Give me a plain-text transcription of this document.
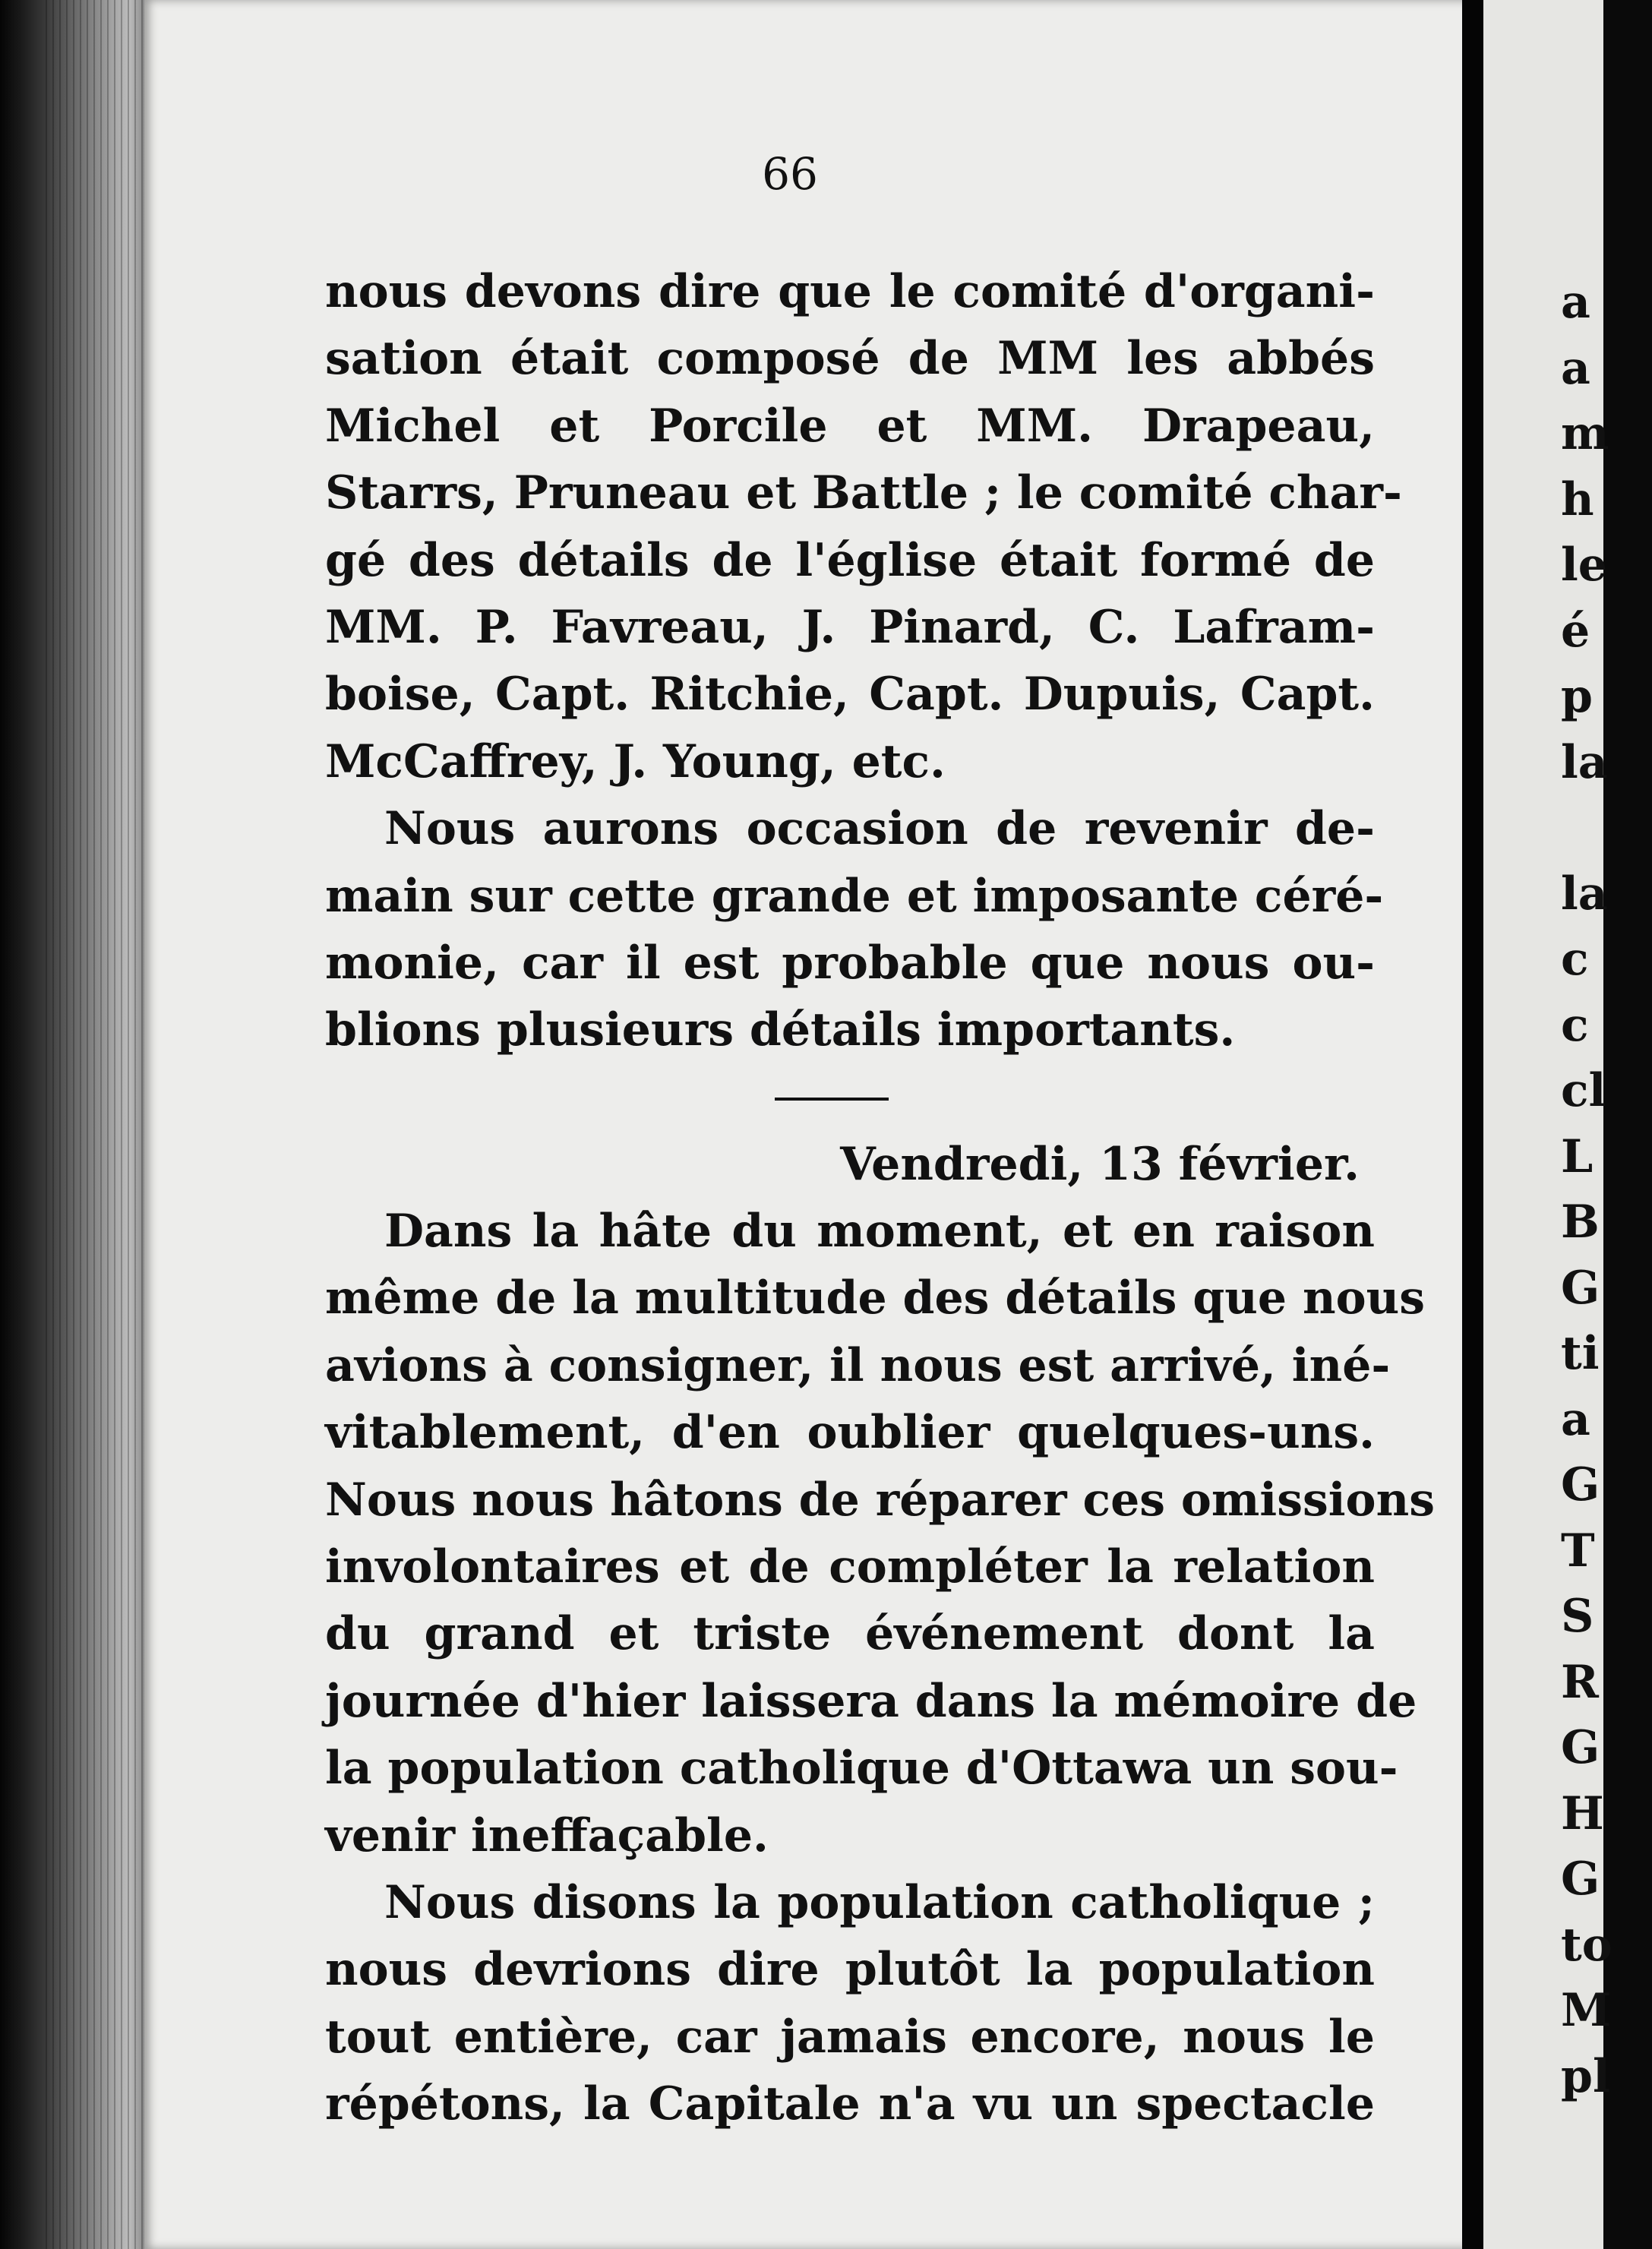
66
nous devons dire que le comité d'organi-
sation était composé de MM les abbés
Michel et Porcile et MM. Drapeau,
Starrs, Pruneau et Battle ; le comité char-
gé des détails de l'église était formé de
MM. P. Favreau, J. Pinard, C. Lafram-
boise, Capt. Ritchie, Capt. Dupuis, Capt.
McCaffrey, J. Young, etc.
Nous aurons occasion de revenir de-
main sur cette grande et imposante céré-
monie, car il est probable que nous ou-
blions plusieurs détails importants.
Vendredi, 13 février.
Dans la hâte du moment, et en raison
même de la multitude des détails que nous
avions à consigner, il nous est arrivé, iné-
vitablement, d'en oublier quelques-uns.
Nous nous hâtons de réparer ces omissions
involontaires et de compléter la relation
du grand et triste événement dont la
journée d'hier laissera dans la mémoire de
la population catholique d'Ottawa un sou-
venir ineffaçable.
Nous disons la population catholique ;
nous devrions dire plutôt la population
tout entière, car jamais encore, nous le
répétons, la Capitale n'a vu un spectacle
a
a
m
h
le
é
p
la
la
c
c
cl
L
B
G
ti
a
G
T
S
R
G
H
G
to
M
pl
